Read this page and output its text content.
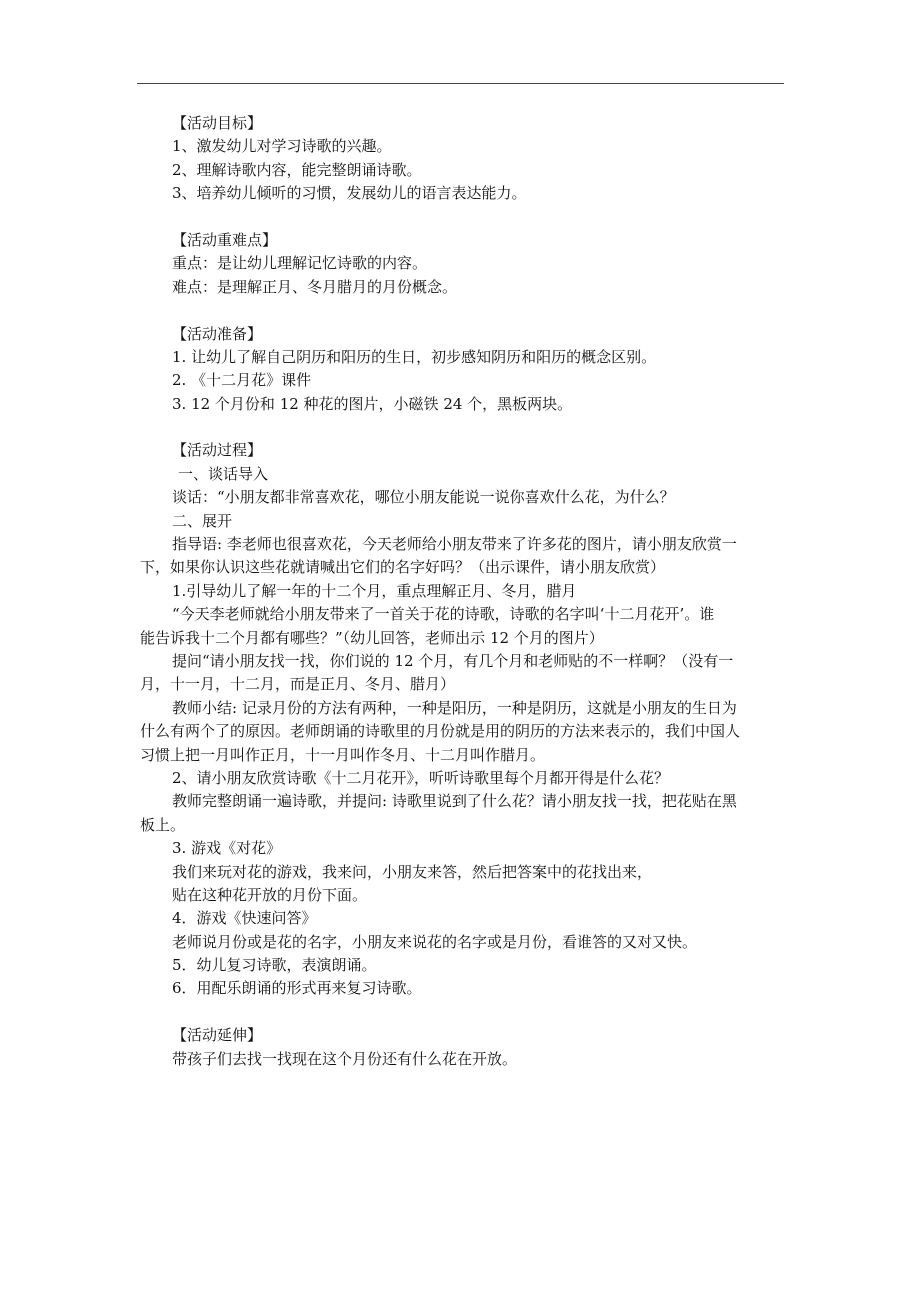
【活动目标】
1、激发幼儿对学习诗歌的兴趣。
2、理解诗歌内容，能完整朗诵诗歌。
3、培养幼儿倾听的习惯，发展幼儿的语言表达能力。
【活动重难点】
重点：是让幼儿理解记忆诗歌的内容。
难点：是理解正月、冬月腊月的月份概念。
【活动准备】
1. 让幼儿了解自己阴历和阳历的生日，初步感知阴历和阳历的概念区别。
2. 《十二月花》课件
3. 12 个月份和 12 种花的图片，小磁铁 24 个，黑板两块。
【活动过程】
一、谈话导入
谈话：“小朋友都非常喜欢花，哪位小朋友能说一说你喜欢什么花，为什么？
二、展开
指导语: 李老师也很喜欢花，今天老师给小朋友带来了许多花的图片，请小朋友欣赏一
下，如果你认识这些花就请喊出它们的名字好吗？（出示课件，请小朋友欣赏）
1.引导幼儿了解一年的十二个月，重点理解正月、冬月，腊月
“今天李老师就给小朋友带来了一首关于花的诗歌，诗歌的名字叫‘十二月花开’。谁
能告诉我十二个月都有哪些？”（幼儿回答，老师出示 12 个月的图片）
提问“请小朋友找一找，你们说的 12 个月，有几个月和老师贴的不一样啊？（没有一
月，十一月，十二月，而是正月、冬月、腊月）
教师小结: 记录月份的方法有两种，一种是阳历，一种是阴历，这就是小朋友的生日为
什么有两个了的原因。老师朗诵的诗歌里的月份就是用的阴历的方法来表示的，我们中国人
习惯上把一月叫作正月，十一月叫作冬月、十二月叫作腊月。
2、请小朋友欣赏诗歌《十二月花开》，听听诗歌里每个月都开得是什么花？
教师完整朗诵一遍诗歌，并提问: 诗歌里说到了什么花？请小朋友找一找，把花贴在黑
板上。
3. 游戏《对花》
我们来玩对花的游戏，我来问，小朋友来答，然后把答案中的花找出来，
贴在这种花开放的月份下面。
4．游戏《快速问答》
老师说月份或是花的名字，小朋友来说花的名字或是月份，看谁答的又对又快。
5．幼儿复习诗歌，表演朗诵。
6．用配乐朗诵的形式再来复习诗歌。
【活动延伸】
带孩子们去找一找现在这个月份还有什么花在开放。
